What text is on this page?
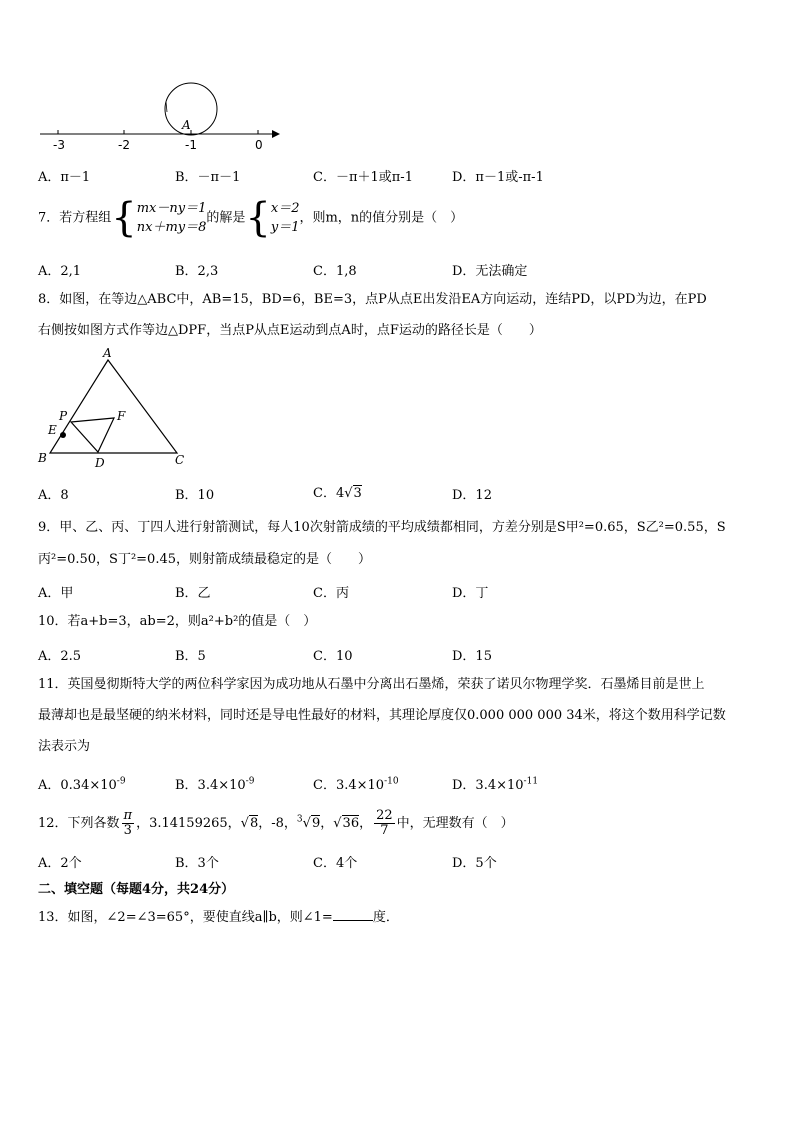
-3	-2	-1	0
A
A．π－1	B．－π－1	C．－π＋1或π-1	D．π－1或-π-1
7．若方程组{ mx－ny＝1
nx＋my＝8
的解是{ x＝2
y＝1
，则m，n的值分别是（　）
A．2,1	B．2,3	C．1,8	D．无法确定
8．如图，在等边△ABC中，AB=15，BD=6，BE=3，点P从点E出发沿EA方向运动，连结PD，以PD为边，在PD
右侧按如图方式作等边△DPF，当点P从点E运动到点A时，点F运动的路径长是（　　）
A
B	C
D
E
F
P
A．8	B．10	C．4√3	D．12
9．甲、乙、丙、丁四人进行射箭测试，每人10次射箭成绩的平均成绩都相同，方差分别是S甲²=0.65，S乙²=0.55，S
丙²=0.50，S丁²=0.45，则射箭成绩最稳定的是（　　）
A．甲	B．乙	C．丙	D．丁
10．若a+b=3，ab=2，则a²+b²的值是（　）
A．2.5	B．5	C．10	D．15
11．英国曼彻斯特大学的两位科学家因为成功地从石墨中分离出石墨烯，荣获了诺贝尔物理学奖．石墨烯目前是世上
最薄却也是最坚硬的纳米材料，同时还是导电性最好的材料，其理论厚度仅0.000 000 000 34米，将这个数用科学记数
法表示为
A．$0.34\times 10^{-9}$	B．$3.4\times 10^{-9}$	C．$3.4\times 10^{-10}$	D．$3.4\times 10^{-11}$
12．下列各数 $\frac{\pi}{3}$ ，3.14159265，√8，-8，$^3$√9，√36， $\frac{22}{7}$ 中，无理数有（　）
A．2个	B．3个	C．4个	D．5个
二、填空题（每题4分，共24分）
13．如图，∠2=∠3=65°，要使直线a∥b，则∠1=	度．
